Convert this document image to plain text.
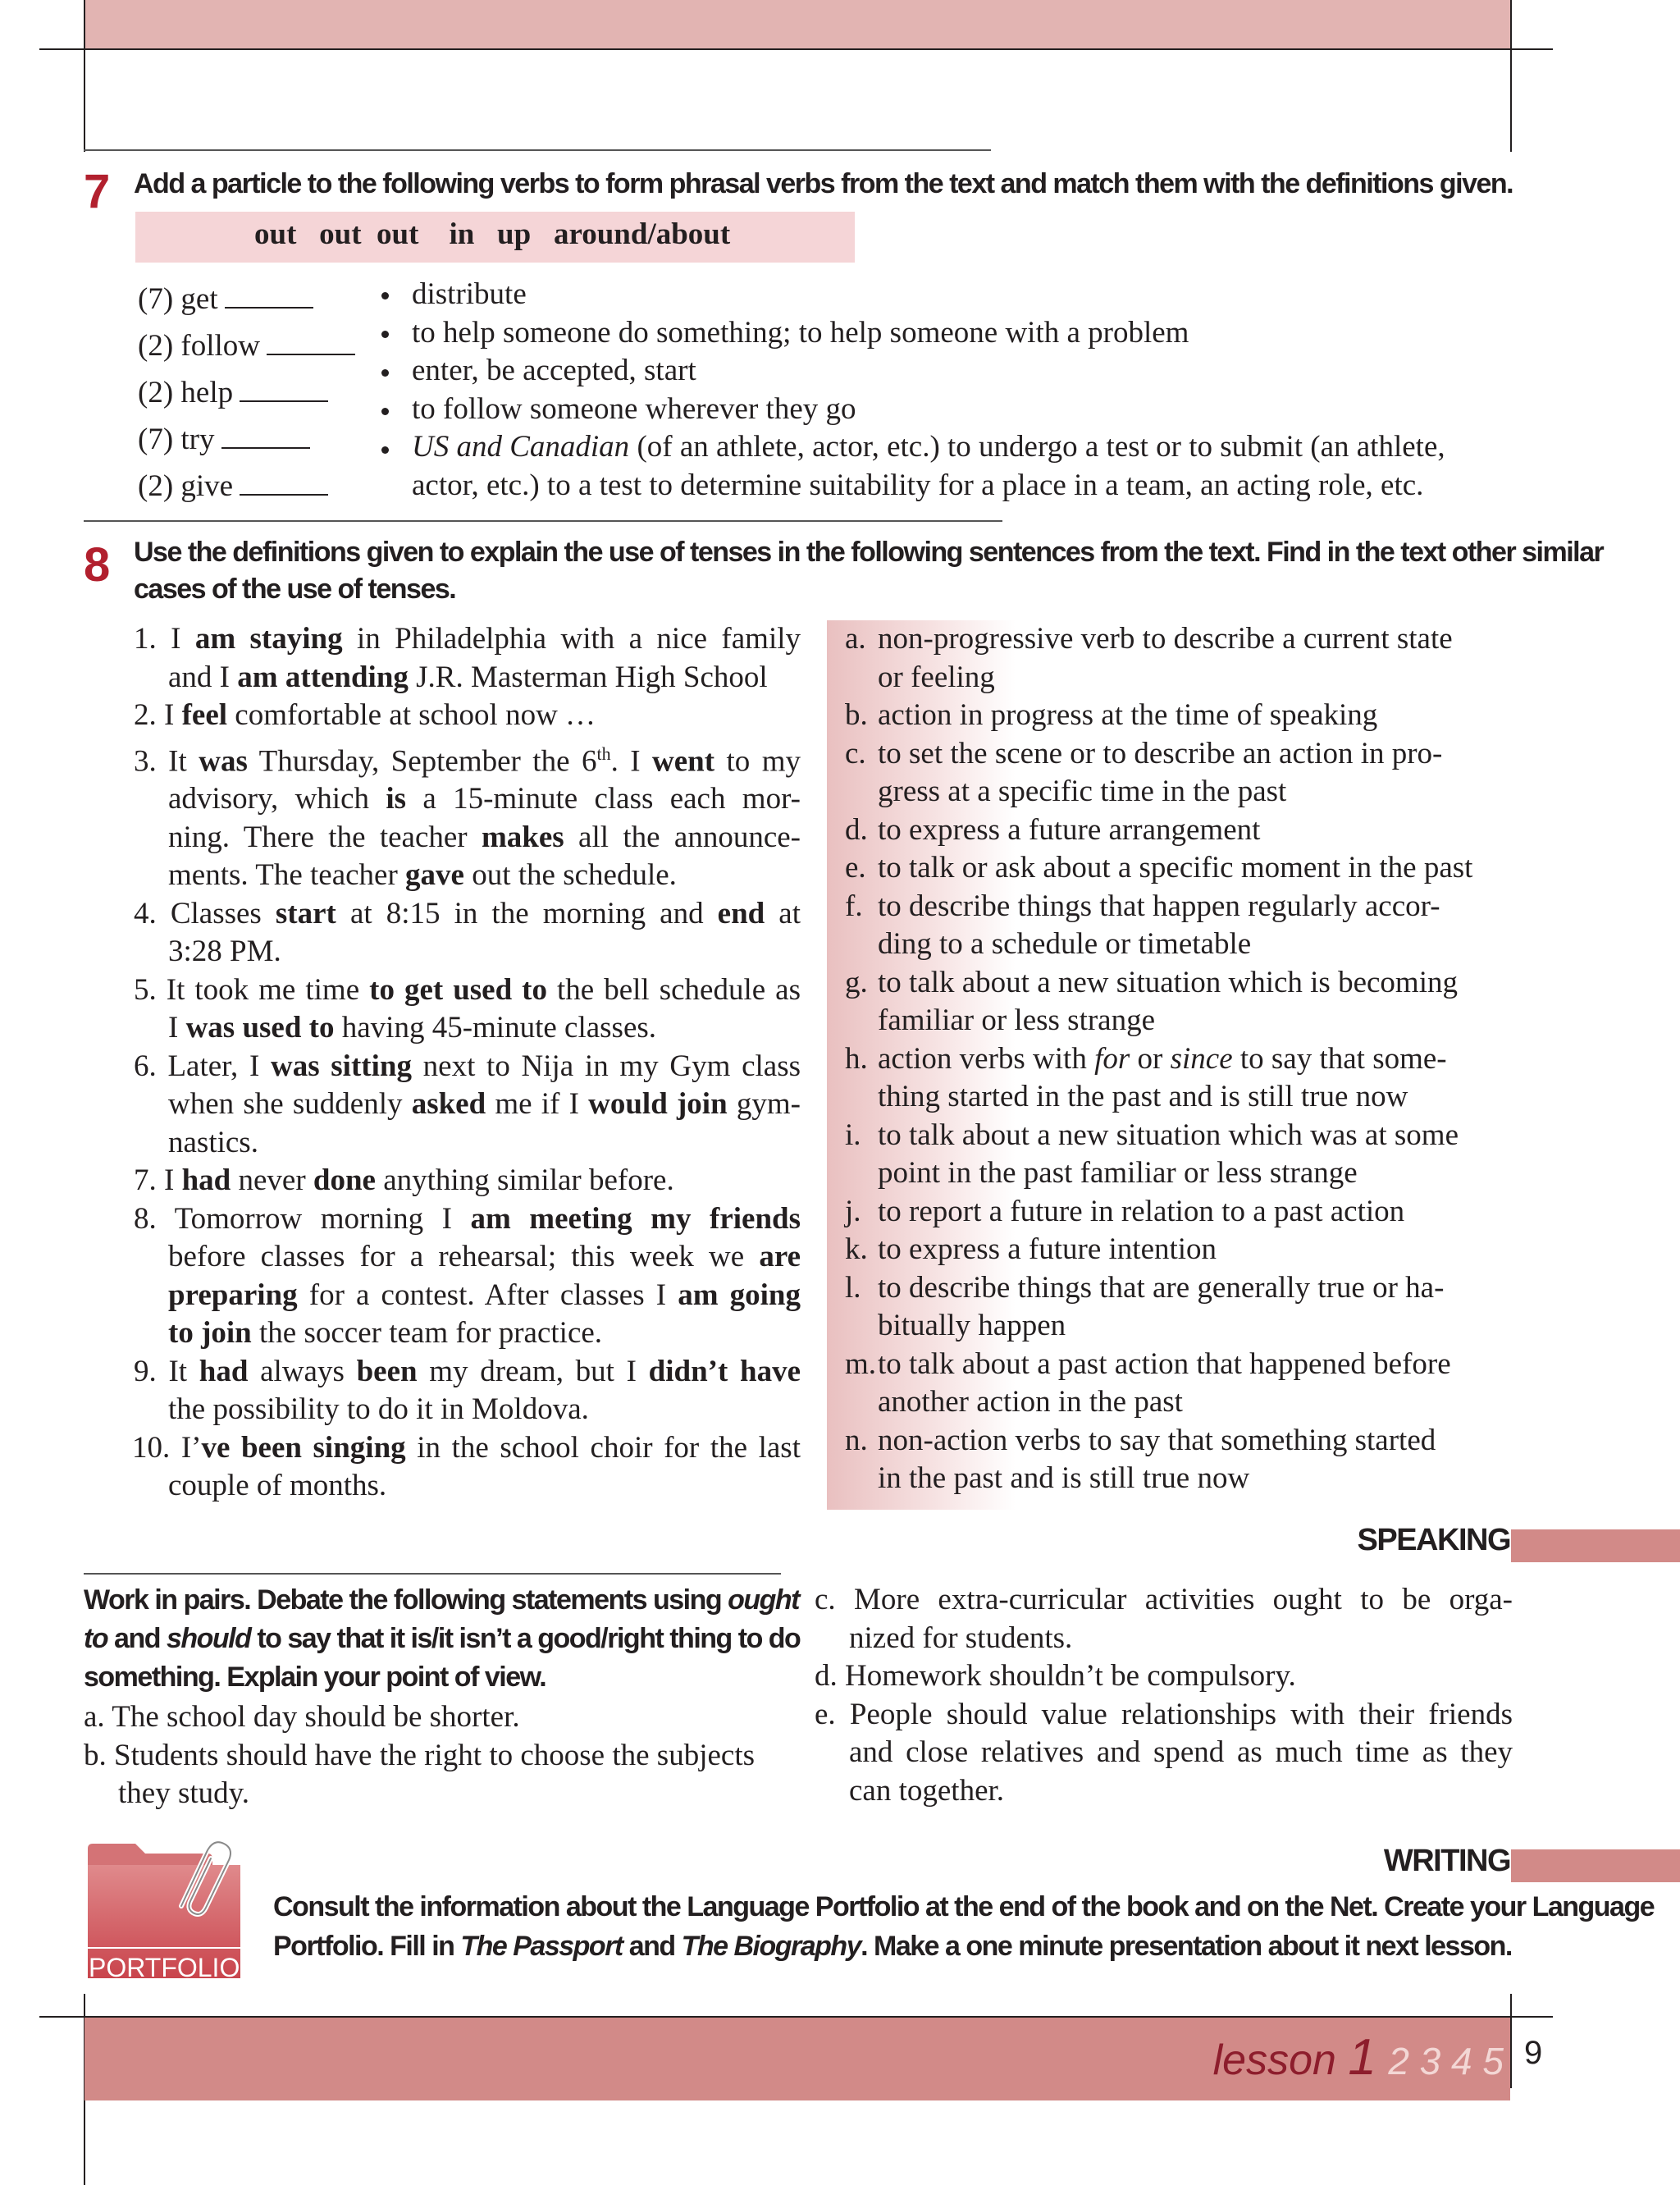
7 Add a particle to the following verbs to form phrasal verbs from the text and match them with the definitions given.
out   out  out    in   up   around/about
(7) get
(2) follow
(2) help
(7) try
(2) give
distribute
to help someone do something; to help someone with a problem
enter, be accepted, start
to follow someone wherever they go
US and Canadian (of an athlete, actor, etc.) to undergo a test or to submit (an athlete,
actor, etc.) to a test to determine suitability for a place in a team, an acting role, etc.
8 Use the definitions given to explain the use of tenses in the following sentences from the text. Find in the text other similar
cases of the use of tenses.
1. I am staying in Philadelphia with a nice family
and I am attending J.R. Masterman High School
2. I feel comfortable at school now …
3. It was Thursday, September the 6th. I went to my
advisory, which is a 15-minute class each mor-
ning. There the teacher makes all the announce-
ments. The teacher gave out the schedule.
4. Classes start at 8:15 in the morning and end at
3:28 PM.
5. It took me time to get used to the bell schedule as
I was used to having 45-minute classes.
6. Later, I was sitting next to Nija in my Gym class
when she suddenly asked me if I would join gym-
nastics.
7. I had never done anything similar before.
8. Tomorrow morning I am meeting my friends
before classes for a rehearsal; this week we are
preparing for a contest. After classes I am going
to join the soccer team for practice.
9. It had always been my dream, but I didn’t have
the possibility to do it in Moldova.
10. I’ve been singing in the school choir for the last
couple of months.
a. non-progressive verb to describe a current state
or feeling
b. action in progress at the time of speaking
c. to set the scene or to describe an action in pro-
gress at a specific time in the past
d. to express a future arrangement
e. to talk or ask about a specific moment in the past
f. to describe things that happen regularly accor-
ding to a schedule or timetable
g. to talk about a new situation which is becoming
familiar or less strange
h. action verbs with for or since to say that some-
thing started in the past and is still true now
i. to talk about a new situation which was at some
point in the past familiar or less strange
j. to report a future in relation to a past action
k. to express a future intention
l. to describe things that are generally true or ha-
bitually happen
m.to talk about a past action that happened before
another action in the past
n. non-action verbs to say that something started
in the past and is still true now
SPEAKING
Work in pairs. Debate the following statements using ought
to and should to say that it is/it isn’t a good/right thing to do
something. Explain your point of view.
a. The school day should be shorter.
b. Students should have the right to choose the subjects
they study.
c. More extra-curricular activities ought to be orga-
nized for students.
d. Homework shouldn’t be compulsory.
e. People should value relationships with their friends
and close relatives and spend as much time as they
can together.
WRITING
PORTFOLIO
Consult the information about the Language Portfolio at the end of the book and on the Net. Create your Language
Portfolio. Fill in The Passport and The Biography. Make a one minute presentation about it next lesson.
lesson 1 2 3 4 5 9
